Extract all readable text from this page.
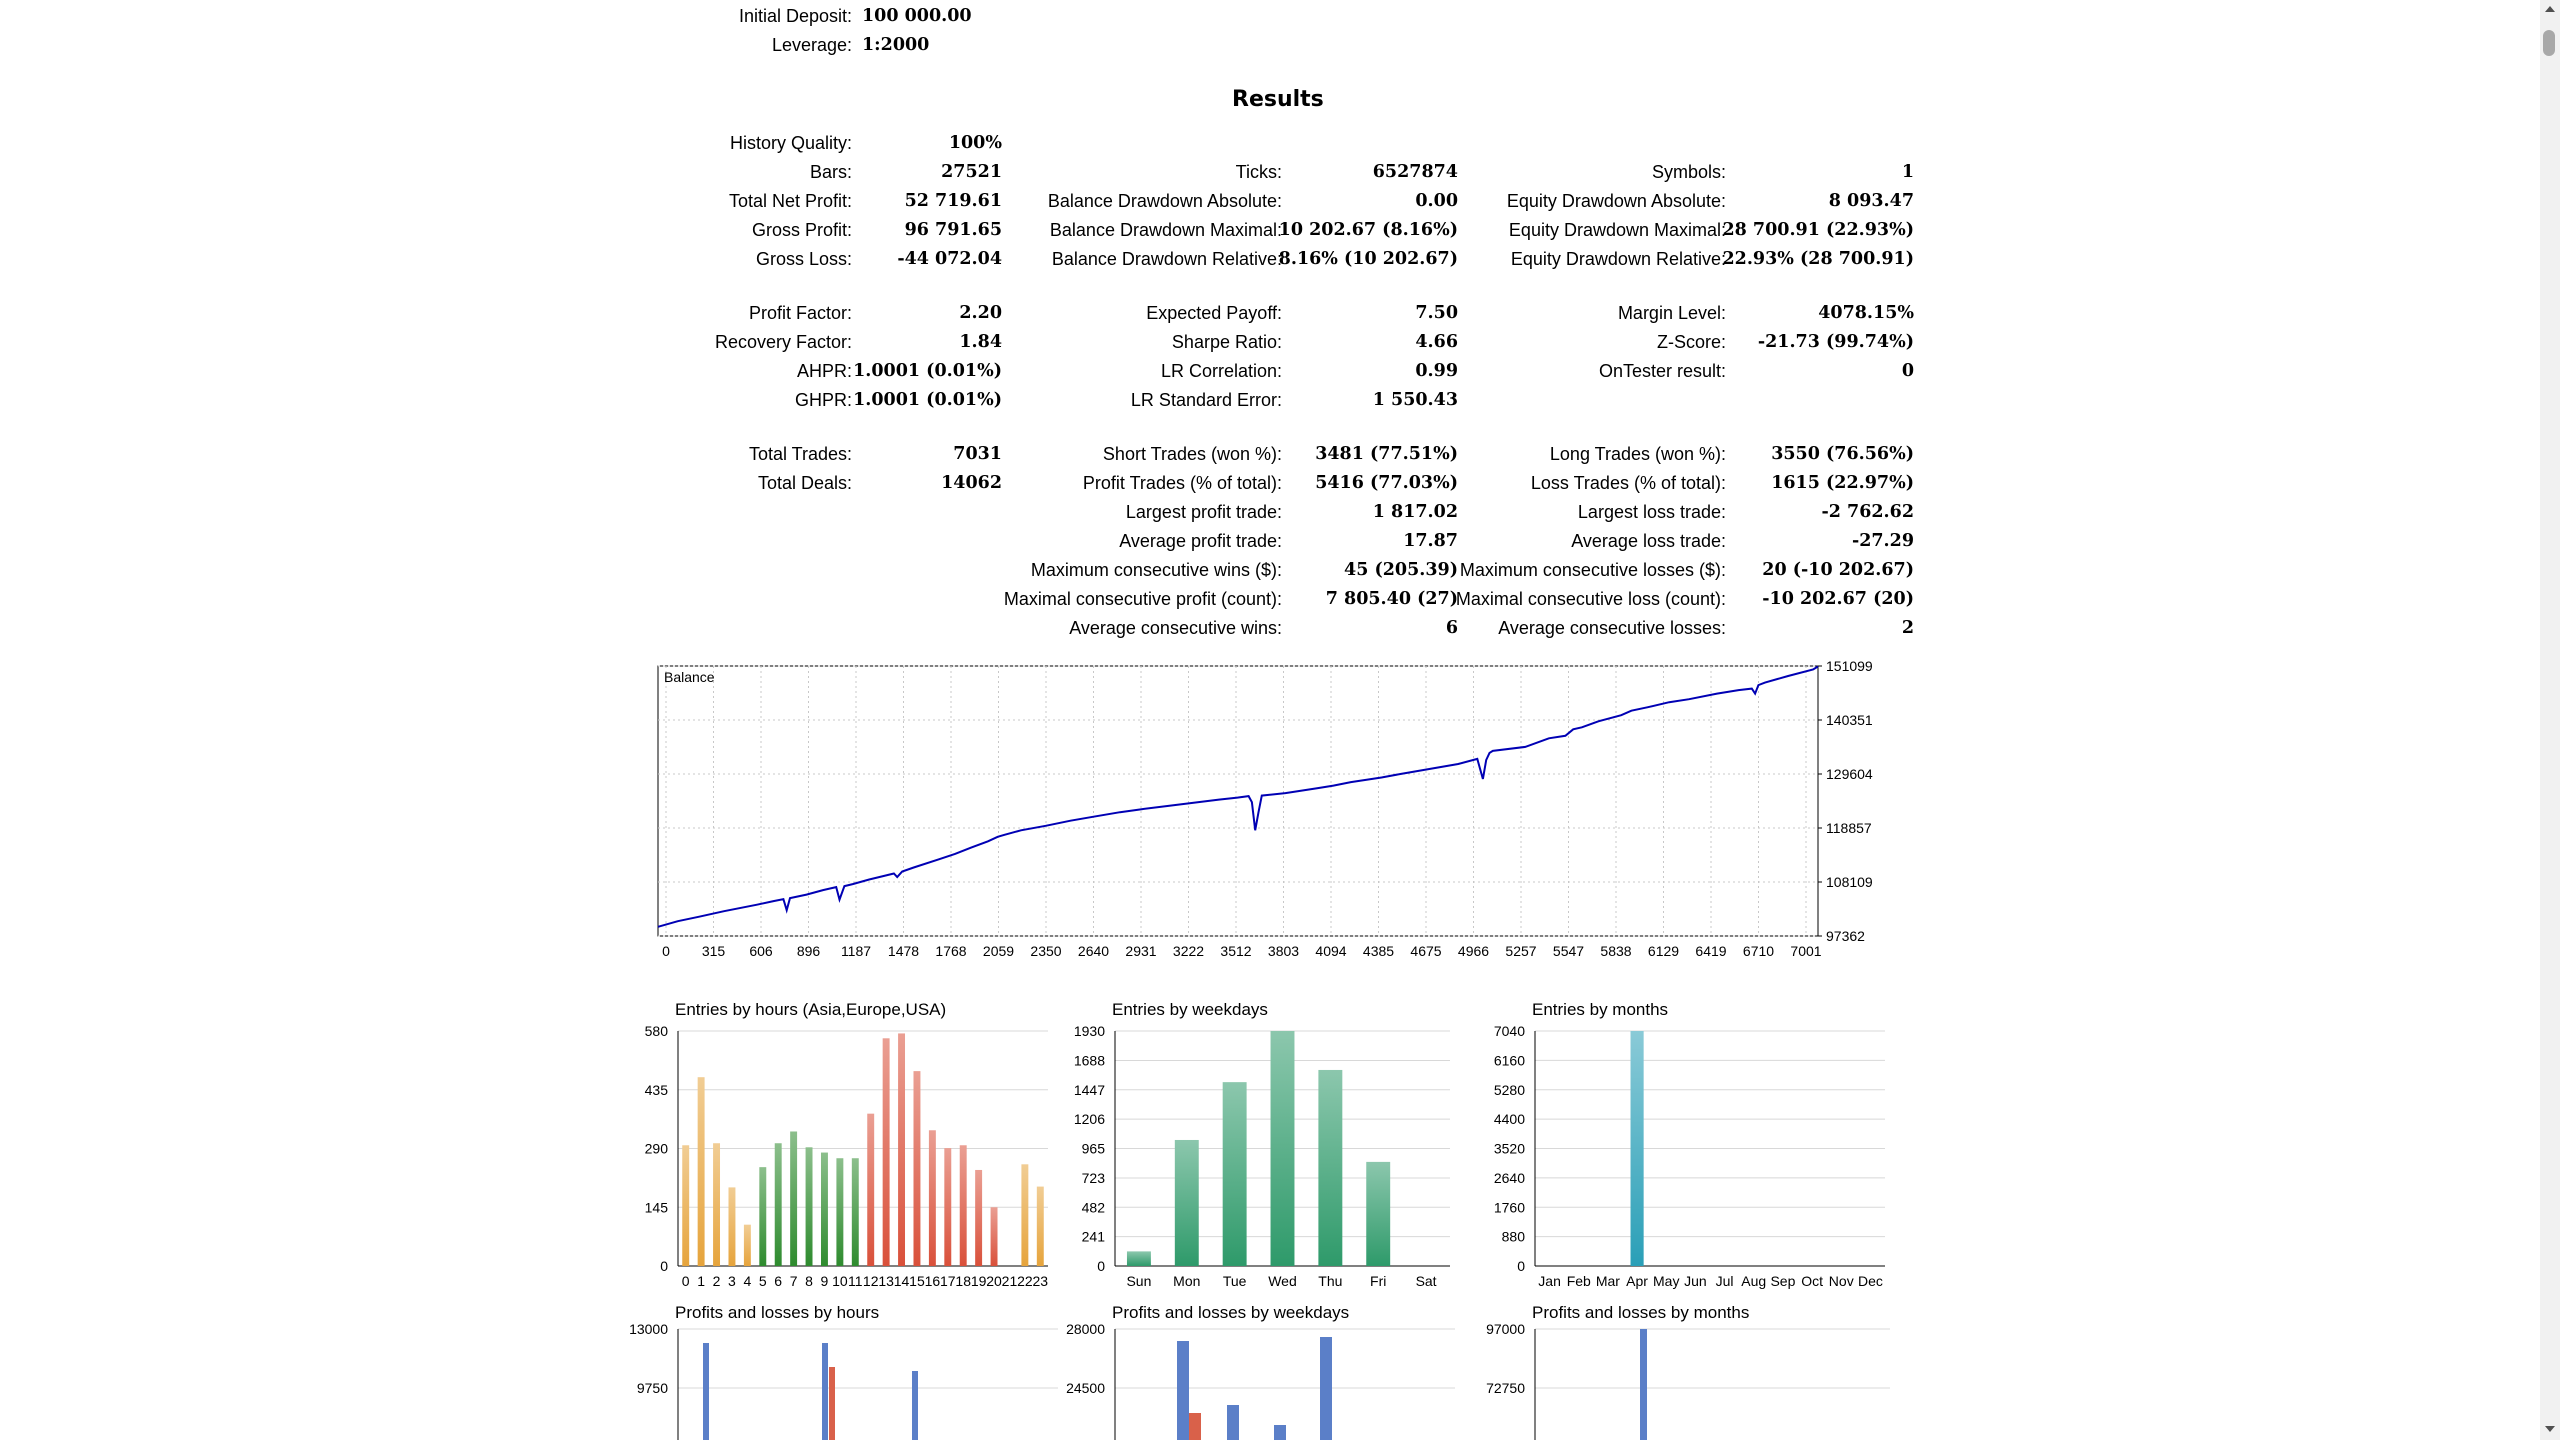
Initial Deposit: 100 000.00
Leverage: 1:2000
Results
History Quality:	100%
Bars:	27521
Total Net Profit:	52 719.61
Gross Profit:	96 791.65
Gross Loss:	-44 072.04
Profit Factor:	2.20
Recovery Factor:	1.84
AHPR: 1.0001 (0.01%)
GHPR: 1.0001 (0.01%)
Total Trades:	7031
Total Deals:	14062
Ticks:	6527874
Balance Drawdown Absolute:	0.00
Balance Drawdown Maximal:
10 202.67 (8.16%)
Balance Drawdown Relative:
8.16% (10 202.67)
Expected Payoff:	7.50
Sharpe Ratio:	4.66
LR Correlation:	0.99
LR Standard Error:	1 550.43
Short Trades (won %): 3481 (77.51%)
Profit Trades (% of total): 5416 (77.03%)
Largest profit trade:	1 817.02
Average profit trade:	17.87
Maximum consecutive wins ($):	45 (205.39)
Maximal consecutive profit (count):	7 805.40 (27)
Average consecutive wins:	6
Symbols:	1
Equity Drawdown Absolute:	8 093.47
Equity Drawdown Maximal:
28 700.91 (22.93%)
Equity Drawdown Relative:
22.93% (28 700.91)
Margin Level:	4078.15%
Z-Score: -21.73 (99.74%)
OnTester result:	0
Long Trades (won %):	3550 (76.56%)
Loss Trades (% of total):	1615 (22.97%)
Largest loss trade:	-2 762.62
Average loss trade:	-27.29
Maximum consecutive losses ($): 20 (-10 202.67)
Maximal consecutive loss (count): -10 202.67 (20)
Average consecutive losses:	2
0 315 606 896 1187 1478 1768 2059 2350 2640 2931 3222 3512 3803 4094 4385 4675 4966 5257 5547 5838 6129 6419 6710 7001
151099
140351
129604
118857
108109
97362
Balance
Entries by hours (Asia,Europe,USA)
580
435
290
145
0
0 1 2 3 4 5 6 7 8 9 10 11 12 13 14 15 16 17 18 19 20 21 22 23
Entries by weekdays
1930
1688
1447
1206
965
723
482
241
0
Sun Mon Tue Wed Thu Fri Sat
Entries by months
7040
6160
5280
4400
3520
2640
1760
880
0
Jan Feb Mar Apr May Jun Jul Aug Sep Oct Nov Dec
Profits and losses by hours
13000
9750
Profits and losses by weekdays
28000
24500
Profits and losses by months
97000
72750
